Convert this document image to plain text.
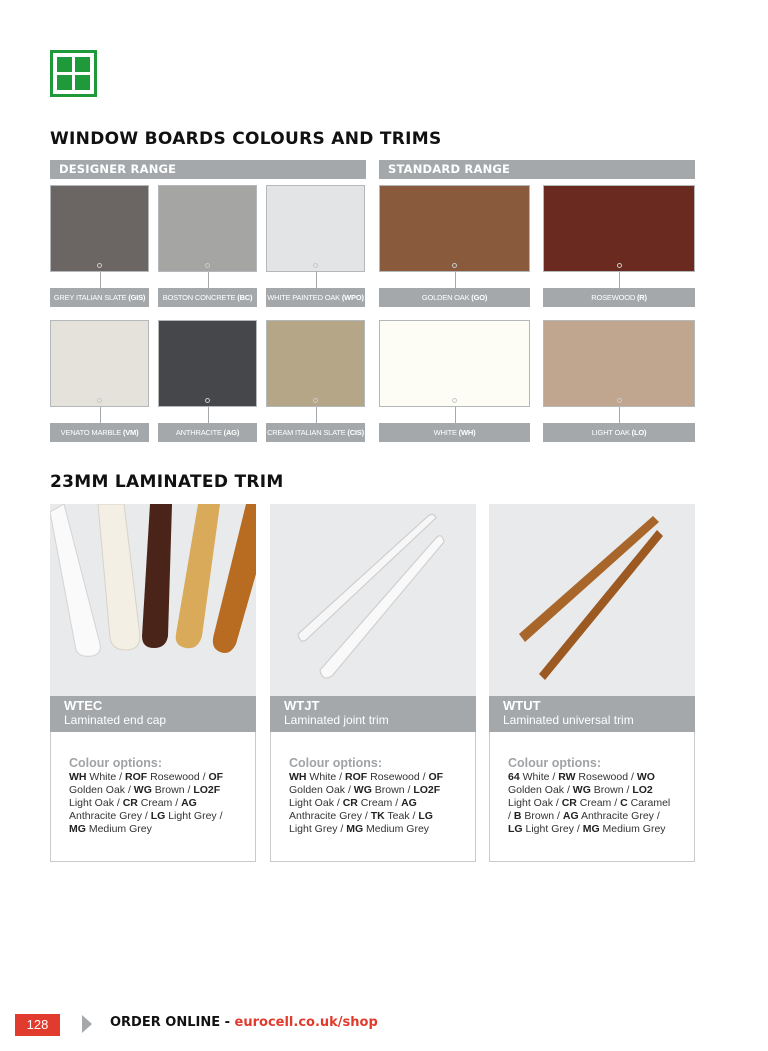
WINDOW BOARDS COLOURS AND TRIMS
DESIGNER RANGE	STANDARD RANGE
GREY ITALIAN SLATE (GIS)	BOSTON CONCRETE (BC)	WHITE PAINTED OAK (WPO)	GOLDEN OAK (GO)	ROSEWOOD (R)
VENATO MARBLE (VM)	ANTHRACITE (AG)	CREAM ITALIAN SLATE (CIS)	WHITE (WH)	LIGHT OAK (LO)
23MM LAMINATED TRIM
WTEC
Laminated end cap
Colour options:
WH White / ROF Rosewood / OF Golden Oak / WG Brown / LO2F Light Oak / CR Cream / AG Anthracite Grey / LG Light Grey / MG Medium Grey
WTJT
Laminated joint trim
Colour options:
WH White / ROF Rosewood / OF Golden Oak / WG Brown / LO2F Light Oak / CR Cream / AG Anthracite Grey / TK Teak / LG Light Grey / MG Medium Grey
WTUT
Laminated universal trim
Colour options:
64 White / RW Rosewood / WO Golden Oak / WG Brown / LO2 Light Oak / CR Cream / C Caramel / B Brown / AG Anthracite Grey / LG Light Grey / MG Medium Grey
128	ORDER ONLINE - eurocell.co.uk/shop
